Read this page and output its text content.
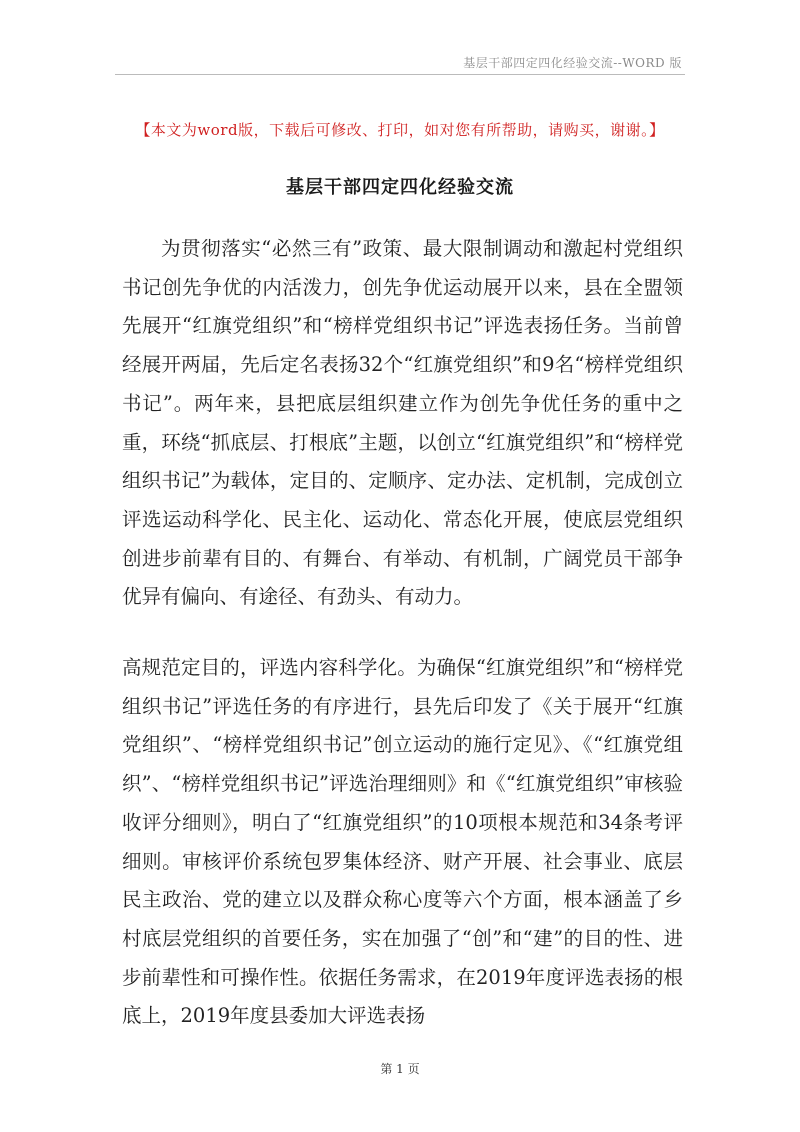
基层干部四定四化经验交流--WORD 版
【本文为word版，下载后可修改、打印，如对您有所帮助，请购买，谢谢。】
基层干部四定四化经验交流

为贯彻落实“必然三有”政策、最大限制调动和激起村党组织书记创先争优的内活泼力，创先争优运动展开以来，县在全盟领先展开“红旗党组织”和“榜样党组织书记”评选表扬任务。当前曾经展开两届，先后定名表扬32个“红旗党组织”和9名“榜样党组织书记”。两年来，县把底层组织建立作为创先争优任务的重中之重，环绕“抓底层、打根底”主题，以创立“红旗党组织”和“榜样党组织书记”为载体，定目的、定顺序、定办法、定机制，完成创立评选运动科学化、民主化、运动化、常态化开展，使底层党组织创进步前辈有目的、有舞台、有举动、有机制，广阔党员干部争优异有偏向、有途径、有劲头、有动力。

高规范定目的，评选内容科学化。为确保“红旗党组织”和“榜样党组织书记”评选任务的有序进行，县先后印发了《关于展开“红旗党组织”、“榜样党组织书记”创立运动的施行定见》、《“红旗党组织”、“榜样党组织书记”评选治理细则》和《“红旗党组织”审核验收评分细则》，明白了“红旗党组织”的10项根本规范和34条考评细则。审核评价系统包罗集体经济、财产开展、社会事业、底层民主政治、党的建立以及群众称心度等六个方面，根本涵盖了乡村底层党组织的首要任务，实在加强了“创”和“建”的目的性、进步前辈性和可操作性。依据任务需求，在2019年度评选表扬的根底上，2019年度县委加大评选表扬

第 1 页
